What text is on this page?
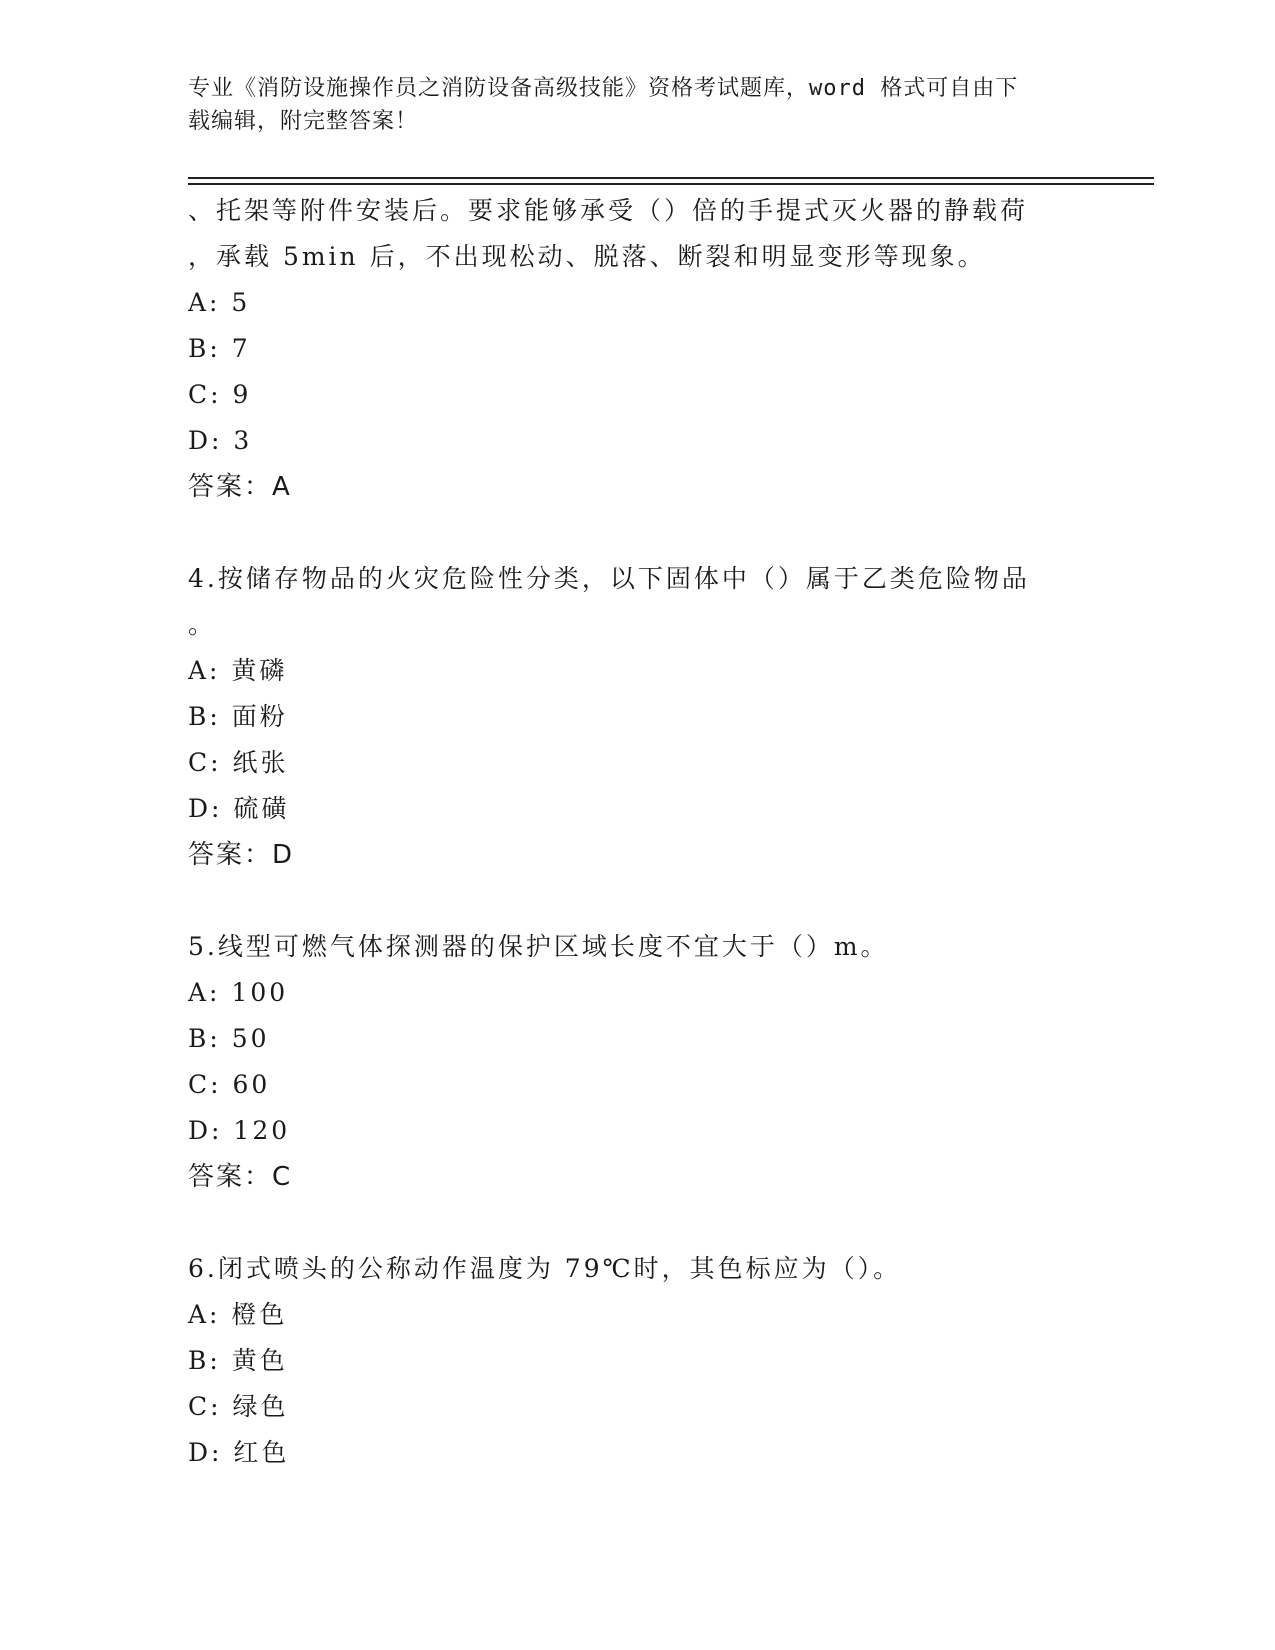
专业《消防设施操作员之消防设备高级技能》资格考试题库，word 格式可自由下
载编辑，附完整答案！
、托架等附件安装后。要求能够承受（）倍的手提式灭火器的静载荷
，承载 5min 后，不出现松动、脱落、断裂和明显变形等现象。
A: 5
B: 7
C: 9
D: 3
答案：A
4.按储存物品的火灾危险性分类，以下固体中（）属于乙类危险物品
。
A: 黄磷
B: 面粉
C: 纸张
D: 硫磺
答案：D
5.线型可燃气体探测器的保护区域长度不宜大于（）m。
A: 100
B: 50
C: 60
D: 120
答案：C
6.闭式喷头的公称动作温度为 79℃时，其色标应为（）。
A: 橙色
B: 黄色
C: 绿色
D: 红色
